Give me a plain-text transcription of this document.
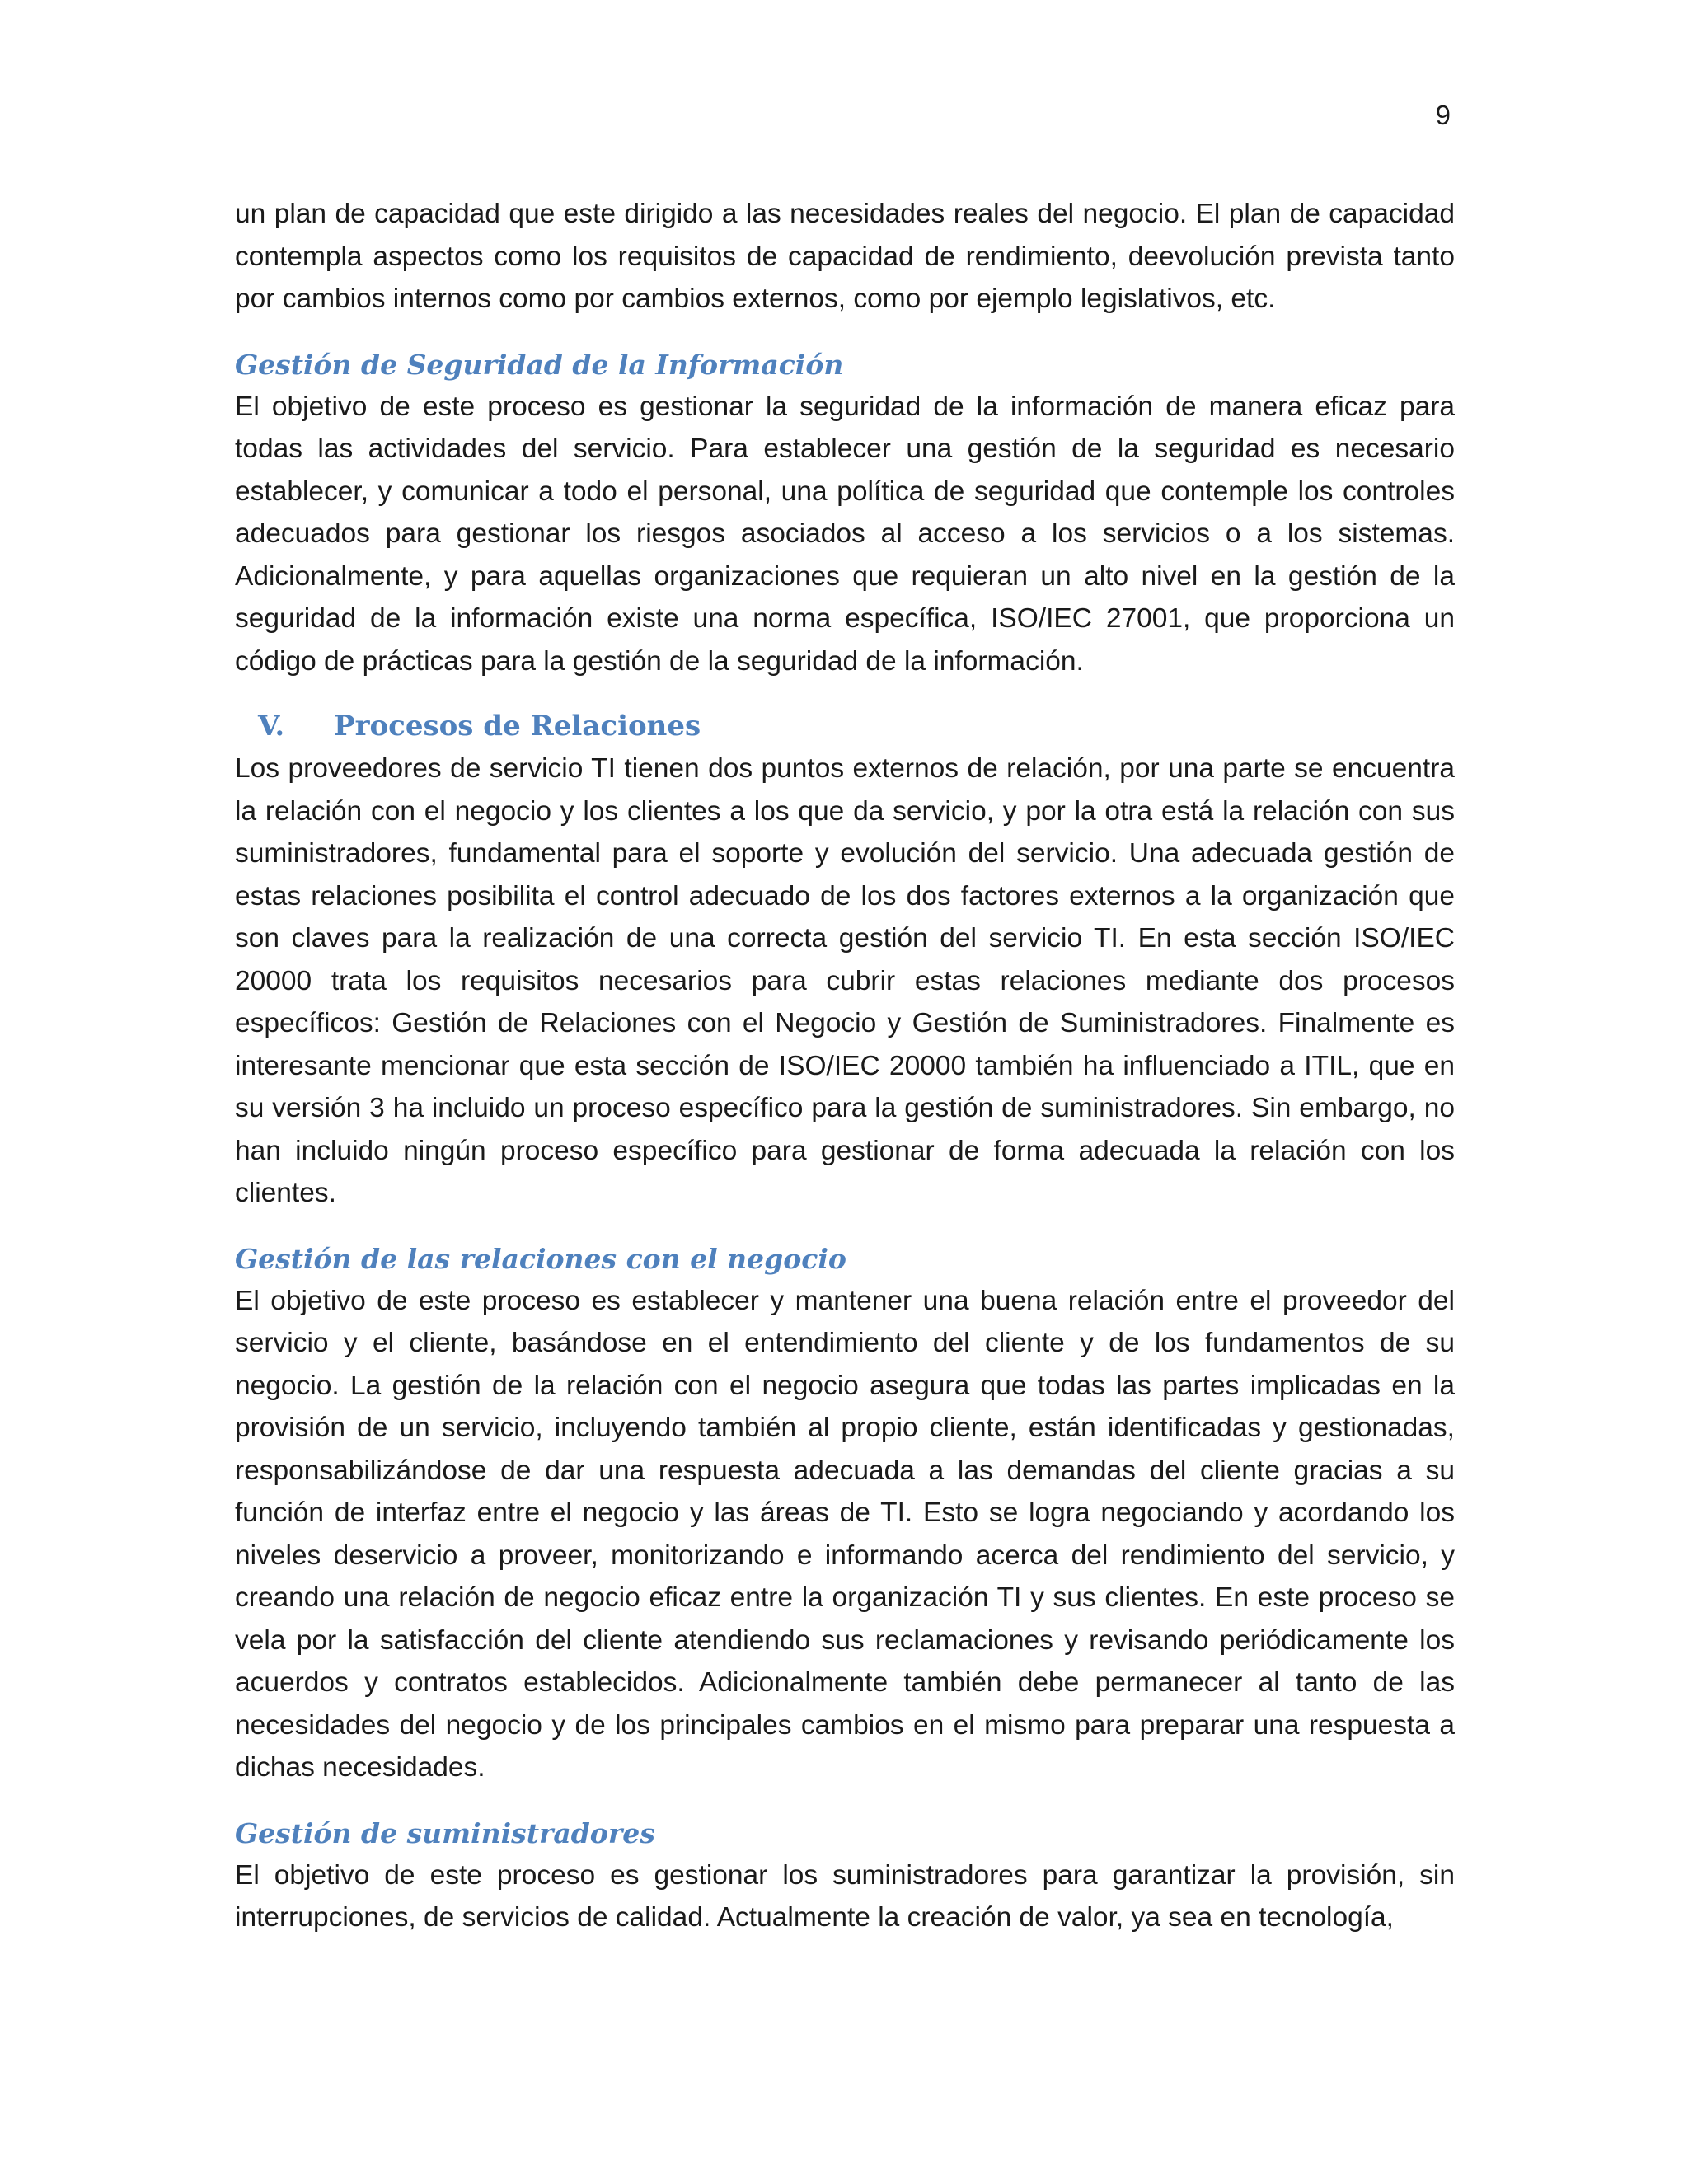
9

un plan de capacidad que este dirigido a las necesidades reales del negocio. El plan de capacidad contempla aspectos como los requisitos de capacidad de rendimiento, deevolución prevista tanto por cambios internos como por cambios externos, como por ejemplo legislativos, etc.

Gestión de Seguridad de la Información

El objetivo de este proceso es gestionar la seguridad de la información de manera eficaz para todas las actividades del servicio. Para establecer una gestión de la seguridad es necesario establecer, y comunicar a todo el personal, una política de seguridad que contemple los controles adecuados para gestionar los riesgos asociados al acceso a los servicios o a los sistemas. Adicionalmente, y para aquellas organizaciones que requieran un alto nivel en la gestión de la seguridad de la información existe una norma específica, ISO/IEC 27001, que proporciona un código de prácticas para la gestión de la seguridad de la información.

V.	Procesos de Relaciones

Los proveedores de servicio TI tienen dos puntos externos de relación, por una parte se encuentra la relación con el negocio y los clientes a los que da servicio, y por la otra está la relación con sus suministradores, fundamental para el soporte y evolución del servicio. Una adecuada gestión de estas relaciones posibilita el control adecuado de los dos factores externos a la organización que son claves para la realización de una correcta gestión del servicio TI. En esta sección ISO/IEC 20000 trata los requisitos necesarios para cubrir estas relaciones mediante dos procesos específicos: Gestión de Relaciones con el Negocio y Gestión de Suministradores. Finalmente es interesante mencionar que esta sección de ISO/IEC 20000 también ha influenciado a ITIL, que en su versión 3 ha incluido un proceso específico para la gestión de suministradores. Sin embargo, no han incluido ningún proceso específico para gestionar de forma adecuada la relación con los clientes.

Gestión de las relaciones con el negocio

El objetivo de este proceso es establecer y mantener una buena relación entre el proveedor del servicio y el cliente, basándose en el entendimiento del cliente y de los fundamentos de su negocio. La gestión de la relación con el negocio asegura que todas las partes implicadas en la provisión de un servicio, incluyendo también al propio cliente, están identificadas y gestionadas, responsabilizándose de dar una respuesta adecuada a las demandas del cliente gracias a su función de interfaz entre el negocio y las áreas de TI. Esto se logra negociando y acordando los niveles deservicio a proveer, monitorizando e informando acerca del rendimiento del servicio, y creando una relación de negocio eficaz entre la organización TI y sus clientes. En este proceso se vela por la satisfacción del cliente atendiendo sus reclamaciones y revisando periódicamente los acuerdos y contratos establecidos. Adicionalmente también debe permanecer al tanto de las necesidades del negocio y de los principales cambios en el mismo para preparar una respuesta a dichas necesidades.

Gestión de suministradores

El objetivo de este proceso es gestionar los suministradores para garantizar la provisión, sin interrupciones, de servicios de calidad. Actualmente la creación de valor, ya sea en tecnología,
